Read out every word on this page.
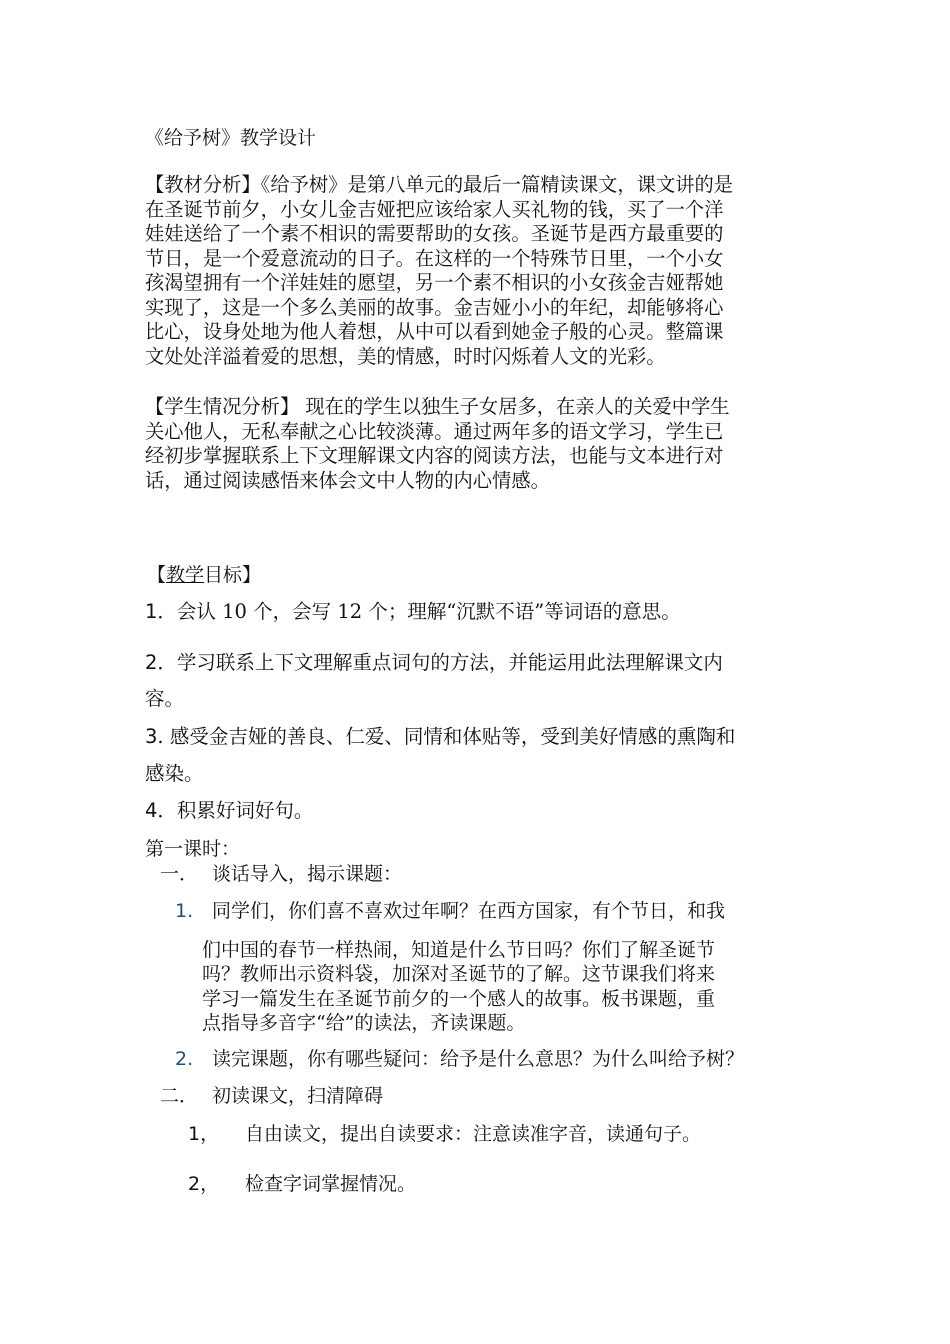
《给予树》教学设计
【教材分析】《给予树》是第八单元的最后一篇精读课文，课文讲的是
在圣诞节前夕，小女儿金吉娅把应该给家人买礼物的钱，买了一个洋
娃娃送给了一个素不相识的需要帮助的女孩。圣诞节是西方最重要的
节日，是一个爱意流动的日子。在这样的一个特殊节日里，一个小女
孩渴望拥有一个洋娃娃的愿望，另一个素不相识的小女孩金吉娅帮她
实现了，这是一个多么美丽的故事。金吉娅小小的年纪，却能够将心
比心，设身处地为他人着想，从中可以看到她金子般的心灵。整篇课
文处处洋溢着爱的思想，美的情感，时时闪烁着人文的光彩。
【学生情况分析】 现在的学生以独生子女居多，在亲人的关爱中学生
关心他人，无私奉献之心比较淡薄。通过两年多的语文学习，学生已
经初步掌握联系上下文理解课文内容的阅读方法，也能与文本进行对
话，通过阅读感悟来体会文中人物的内心情感。
【教学目标】
1．会认 10 个，会写 12 个；理解“沉默不语”等词语的意思。
2．学习联系上下文理解重点词句的方法，并能运用此法理解课文内
容。
3. 感受金吉娅的善良、仁爱、同情和体贴等，受到美好情感的熏陶和
感染。
4．积累好词好句。
第一课时：
一． 谈话导入，揭示课题：
1. 同学们，你们喜不喜欢过年啊？在西方国家，有个节日，和我
们中国的春节一样热闹，知道是什么节日吗？你们了解圣诞节
吗？教师出示资料袋，加深对圣诞节的了解。这节课我们将来
学习一篇发生在圣诞节前夕的一个感人的故事。板书课题，重
点指导多音字“给”的读法，齐读课题。
2. 读完课题，你有哪些疑问：给予是什么意思？为什么叫给予树？
二． 初读课文，扫清障碍
1， 自由读文，提出自读要求：注意读准字音，读通句子。
2， 检查字词掌握情况。
